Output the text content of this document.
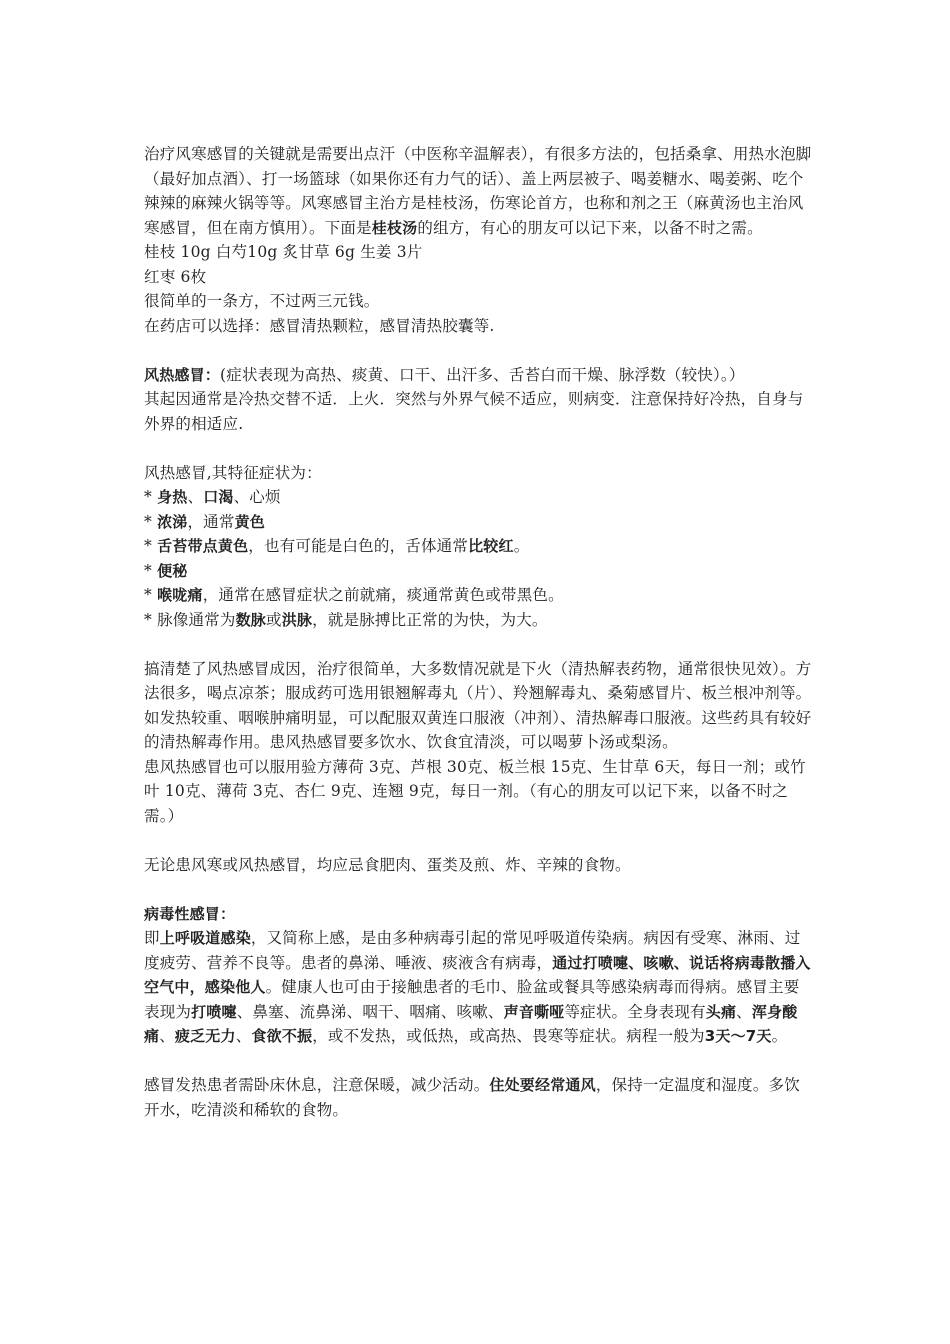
治疗风寒感冒的关键就是需要出点汗（中医称辛温解表），有很多方法的，包括桑拿、用热水泡脚（最好加点酒）、打一场篮球（如果你还有力气的话）、盖上两层被子、喝姜糖水、喝姜粥、吃个辣辣的麻辣火锅等等。风寒感冒主治方是桂枝汤，伤寒论首方，也称和剂之王（麻黄汤也主治风寒感冒，但在南方慎用）。下面是桂枝汤的组方，有心的朋友可以记下来，以备不时之需。

桂枝 10g 白芍10g 炙甘草 6g 生姜 3片

红枣 6枚

很简单的一条方，不过两三元钱。

在药店可以选择：感冒清热颗粒，感冒清热胶囊等.

风热感冒：(症状表现为高热、痰黄、口干、出汗多、舌苔白而干燥、脉浮数（较快）。）                其起因通常是冷热交替不适．上火．突然与外界气候不适应，则病变．注意保持好冷热，自身与外界的相适应.

风热感冒,其特征症状为：

* 身热、口渴、心烦

* 浓涕，通常黄色

* 舌苔带点黄色，也有可能是白色的，舌体通常比较红。

* 便秘

* 喉咙痛，通常在感冒症状之前就痛，痰通常黄色或带黑色。

* 脉像通常为数脉或洪脉，就是脉搏比正常的为快，为大。

搞清楚了风热感冒成因，治疗很简单，大多数情况就是下火（清热解表药物，通常很快见效）。方法很多，喝点凉茶；服成药可选用银翘解毒丸（片）、羚翘解毒丸、桑菊感冒片、板兰根冲剂等。如发热较重、咽喉肿痛明显，可以配服双黄连口服液（冲剂）、清热解毒口服液。这些药具有较好的清热解毒作用。患风热感冒要多饮水、饮食宜清淡，可以喝萝卜汤或梨汤。

患风热感冒也可以服用验方薄荷 3克、芦根 30克、板兰根 15克、生甘草 6天，每日一剂；或竹叶 10克、薄荷 3克、杏仁 9克、连翘 9克，每日一剂。（有心的朋友可以记下来，以备不时之需。）

无论患风寒或风热感冒，均应忌食肥肉、蛋类及煎、炸、辛辣的食物。

病毒性感冒：

即上呼吸道感染，又简称上感，是由多种病毒引起的常见呼吸道传染病。病因有受寒、淋雨、过度疲劳、营养不良等。患者的鼻涕、唾液、痰液含有病毒，通过打喷嚏、咳嗽、说话将病毒散播入空气中，感染他人。健康人也可由于接触患者的毛巾、脸盆或餐具等感染病毒而得病。感冒主要表现为打喷嚏、鼻塞、流鼻涕、咽干、咽痛、咳嗽、声音嘶哑等症状。全身表现有头痛、浑身酸痛、疲乏无力、食欲不振，或不发热，或低热，或高热、畏寒等症状。病程一般为3天～7天。

感冒发热患者需卧床休息，注意保暖，减少活动。住处要经常通风，保持一定温度和湿度。多饮开水，吃清淡和稀软的食物。
